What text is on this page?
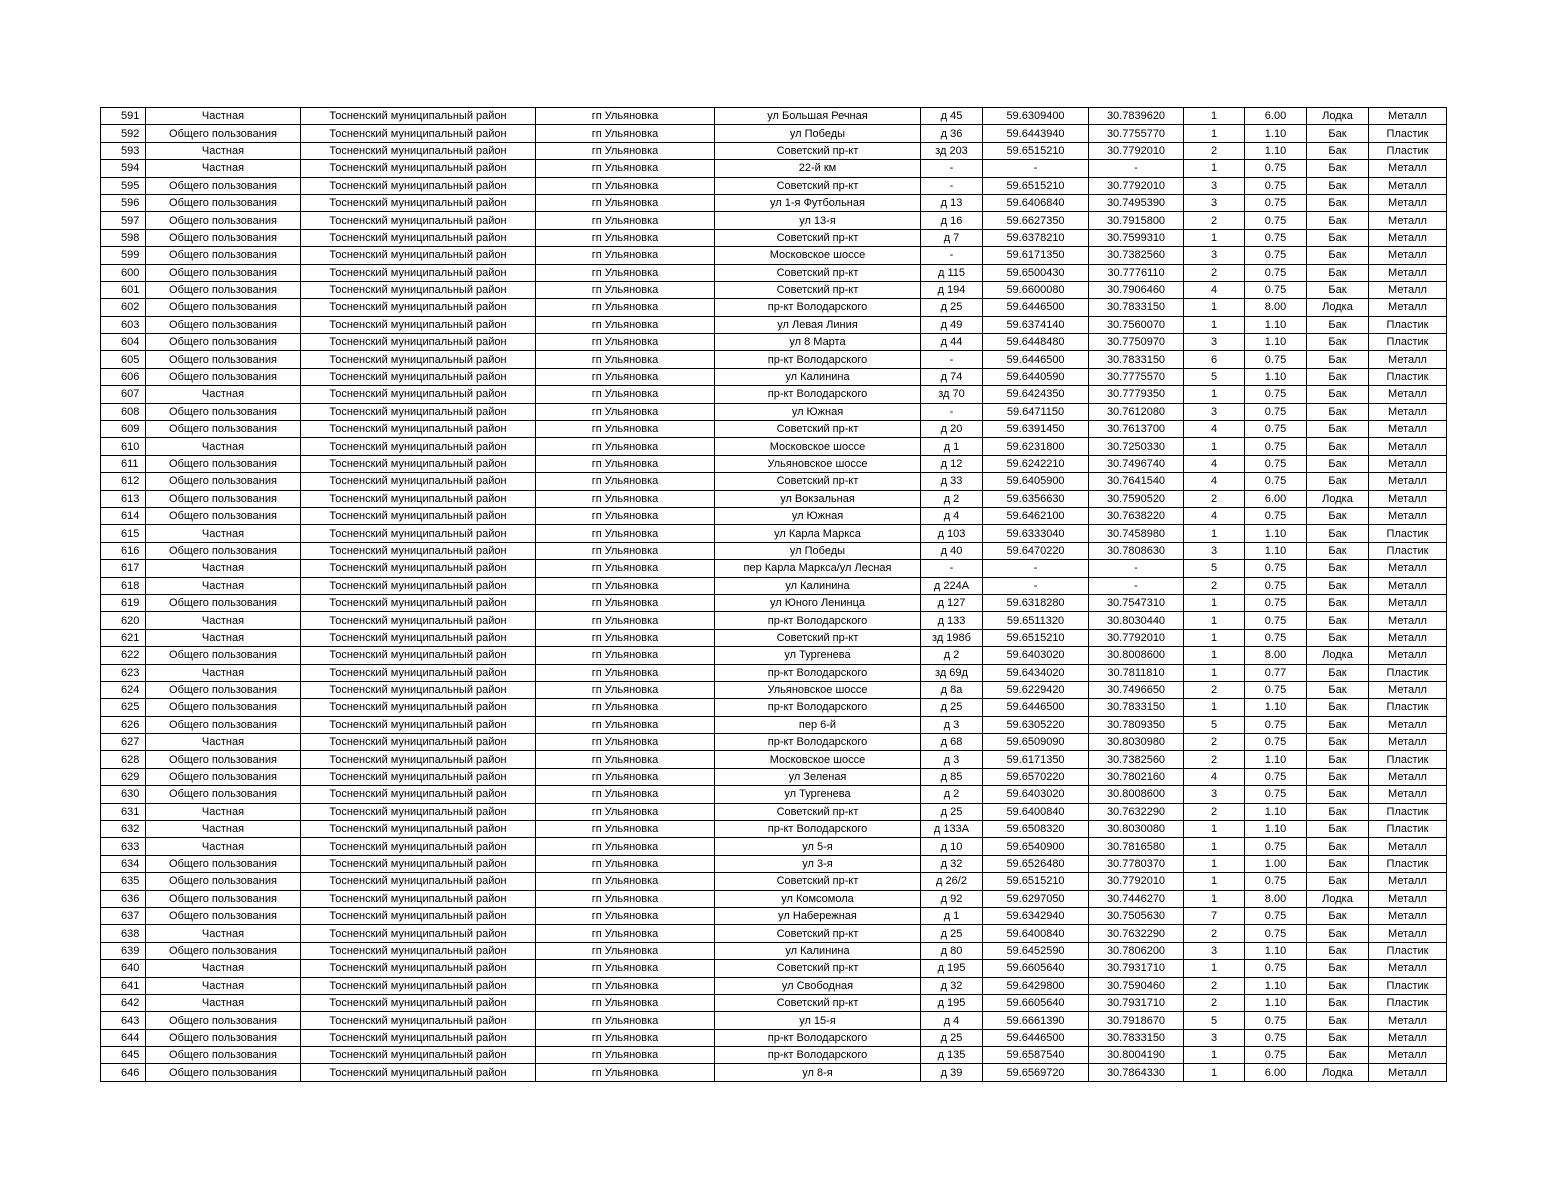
591	Частная	Тосненский муниципальный район	гп Ульяновка	ул Большая Речная	д 45	59.6309400	30.7839620	1	6.00	Лодка	Металл
592	Общего пользования	Тосненский муниципальный район	гп Ульяновка	ул Победы	д 36	59.6443940	30.7755770	1	1.10	Бак	Пластик
593	Частная	Тосненский муниципальный район	гп Ульяновка	Советский пр-кт	зд 203	59.6515210	30.7792010	2	1.10	Бак	Пластик
594	Частная	Тосненский муниципальный район	гп Ульяновка	22-й км	-	-	-	1	0.75	Бак	Металл
595	Общего пользования	Тосненский муниципальный район	гп Ульяновка	Советский пр-кт	-	59.6515210	30.7792010	3	0.75	Бак	Металл
596	Общего пользования	Тосненский муниципальный район	гп Ульяновка	ул 1-я Футбольная	д 13	59.6406840	30.7495390	3	0.75	Бак	Металл
597	Общего пользования	Тосненский муниципальный район	гп Ульяновка	ул 13-я	д 16	59.6627350	30.7915800	2	0.75	Бак	Металл
598	Общего пользования	Тосненский муниципальный район	гп Ульяновка	Советский пр-кт	д 7	59.6378210	30.7599310	1	0.75	Бак	Металл
599	Общего пользования	Тосненский муниципальный район	гп Ульяновка	Московское шоссе	-	59.6171350	30.7382560	3	0.75	Бак	Металл
600	Общего пользования	Тосненский муниципальный район	гп Ульяновка	Советский пр-кт	д 115	59.6500430	30.7776110	2	0.75	Бак	Металл
601	Общего пользования	Тосненский муниципальный район	гп Ульяновка	Советский пр-кт	д 194	59.6600080	30.7906460	4	0.75	Бак	Металл
602	Общего пользования	Тосненский муниципальный район	гп Ульяновка	пр-кт Володарского	д 25	59.6446500	30.7833150	1	8.00	Лодка	Металл
603	Общего пользования	Тосненский муниципальный район	гп Ульяновка	ул Левая Линия	д 49	59.6374140	30.7560070	1	1.10	Бак	Пластик
604	Общего пользования	Тосненский муниципальный район	гп Ульяновка	ул 8 Марта	д 44	59.6448480	30.7750970	3	1.10	Бак	Пластик
605	Общего пользования	Тосненский муниципальный район	гп Ульяновка	пр-кт Володарского	-	59.6446500	30.7833150	6	0.75	Бак	Металл
606	Общего пользования	Тосненский муниципальный район	гп Ульяновка	ул Калинина	д 74	59.6440590	30.7775570	5	1.10	Бак	Пластик
607	Частная	Тосненский муниципальный район	гп Ульяновка	пр-кт Володарского	зд 70	59.6424350	30.7779350	1	0.75	Бак	Металл
608	Общего пользования	Тосненский муниципальный район	гп Ульяновка	ул Южная	-	59.6471150	30.7612080	3	0.75	Бак	Металл
609	Общего пользования	Тосненский муниципальный район	гп Ульяновка	Советский пр-кт	д 20	59.6391450	30.7613700	4	0.75	Бак	Металл
610	Частная	Тосненский муниципальный район	гп Ульяновка	Московское шоссе	д 1	59.6231800	30.7250330	1	0.75	Бак	Металл
611	Общего пользования	Тосненский муниципальный район	гп Ульяновка	Ульяновское шоссе	д 12	59.6242210	30.7496740	4	0.75	Бак	Металл
612	Общего пользования	Тосненский муниципальный район	гп Ульяновка	Советский пр-кт	д 33	59.6405900	30.7641540	4	0.75	Бак	Металл
613	Общего пользования	Тосненский муниципальный район	гп Ульяновка	ул Вокзальная	д 2	59.6356630	30.7590520	2	6.00	Лодка	Металл
614	Общего пользования	Тосненский муниципальный район	гп Ульяновка	ул Южная	д 4	59.6462100	30.7638220	4	0.75	Бак	Металл
615	Частная	Тосненский муниципальный район	гп Ульяновка	ул Карла Маркса	д 103	59.6333040	30.7458980	1	1.10	Бак	Пластик
616	Общего пользования	Тосненский муниципальный район	гп Ульяновка	ул Победы	д 40	59.6470220	30.7808630	3	1.10	Бак	Пластик
617	Частная	Тосненский муниципальный район	гп Ульяновка	пер Карла Маркса/ул Лесная	-	-	-	5	0.75	Бак	Металл
618	Частная	Тосненский муниципальный район	гп Ульяновка	ул Калинина	д 224А	-	-	2	0.75	Бак	Металл
619	Общего пользования	Тосненский муниципальный район	гп Ульяновка	ул Юного Ленинца	д 127	59.6318280	30.7547310	1	0.75	Бак	Металл
620	Частная	Тосненский муниципальный район	гп Ульяновка	пр-кт Володарского	д 133	59.6511320	30.8030440	1	0.75	Бак	Металл
621	Частная	Тосненский муниципальный район	гп Ульяновка	Советский пр-кт	зд 198б	59.6515210	30.7792010	1	0.75	Бак	Металл
622	Общего пользования	Тосненский муниципальный район	гп Ульяновка	ул Тургенева	д 2	59.6403020	30.8008600	1	8.00	Лодка	Металл
623	Частная	Тосненский муниципальный район	гп Ульяновка	пр-кт Володарского	зд 69д	59.6434020	30.7811810	1	0.77	Бак	Пластик
624	Общего пользования	Тосненский муниципальный район	гп Ульяновка	Ульяновское шоссе	д 8а	59.6229420	30.7496650	2	0.75	Бак	Металл
625	Общего пользования	Тосненский муниципальный район	гп Ульяновка	пр-кт Володарского	д 25	59.6446500	30.7833150	1	1.10	Бак	Пластик
626	Общего пользования	Тосненский муниципальный район	гп Ульяновка	пер 6-й	д 3	59.6305220	30.7809350	5	0.75	Бак	Металл
627	Частная	Тосненский муниципальный район	гп Ульяновка	пр-кт Володарского	д 68	59.6509090	30.8030980	2	0.75	Бак	Металл
628	Общего пользования	Тосненский муниципальный район	гп Ульяновка	Московское шоссе	д 3	59.6171350	30.7382560	2	1.10	Бак	Пластик
629	Общего пользования	Тосненский муниципальный район	гп Ульяновка	ул Зеленая	д 85	59.6570220	30.7802160	4	0.75	Бак	Металл
630	Общего пользования	Тосненский муниципальный район	гп Ульяновка	ул Тургенева	д 2	59.6403020	30.8008600	3	0.75	Бак	Металл
631	Частная	Тосненский муниципальный район	гп Ульяновка	Советский пр-кт	д 25	59.6400840	30.7632290	2	1.10	Бак	Пластик
632	Частная	Тосненский муниципальный район	гп Ульяновка	пр-кт Володарского	д 133А	59.6508320	30.8030080	1	1.10	Бак	Пластик
633	Частная	Тосненский муниципальный район	гп Ульяновка	ул 5-я	д 10	59.6540900	30.7816580	1	0.75	Бак	Металл
634	Общего пользования	Тосненский муниципальный район	гп Ульяновка	ул 3-я	д 32	59.6526480	30.7780370	1	1.00	Бак	Пластик
635	Общего пользования	Тосненский муниципальный район	гп Ульяновка	Советский пр-кт	д 26/2	59.6515210	30.7792010	1	0.75	Бак	Металл
636	Общего пользования	Тосненский муниципальный район	гп Ульяновка	ул Комсомола	д 92	59.6297050	30.7446270	1	8.00	Лодка	Металл
637	Общего пользования	Тосненский муниципальный район	гп Ульяновка	ул Набережная	д 1	59.6342940	30.7505630	7	0.75	Бак	Металл
638	Частная	Тосненский муниципальный район	гп Ульяновка	Советский пр-кт	д 25	59.6400840	30.7632290	2	0.75	Бак	Металл
639	Общего пользования	Тосненский муниципальный район	гп Ульяновка	ул Калинина	д 80	59.6452590	30.7806200	3	1.10	Бак	Пластик
640	Частная	Тосненский муниципальный район	гп Ульяновка	Советский пр-кт	д 195	59.6605640	30.7931710	1	0.75	Бак	Металл
641	Частная	Тосненский муниципальный район	гп Ульяновка	ул Свободная	д 32	59.6429800	30.7590460	2	1.10	Бак	Пластик
642	Частная	Тосненский муниципальный район	гп Ульяновка	Советский пр-кт	д 195	59.6605640	30.7931710	2	1.10	Бак	Пластик
643	Общего пользования	Тосненский муниципальный район	гп Ульяновка	ул 15-я	д 4	59.6661390	30.7918670	5	0.75	Бак	Металл
644	Общего пользования	Тосненский муниципальный район	гп Ульяновка	пр-кт Володарского	д 25	59.6446500	30.7833150	3	0.75	Бак	Металл
645	Общего пользования	Тосненский муниципальный район	гп Ульяновка	пр-кт Володарского	д 135	59.6587540	30.8004190	1	0.75	Бак	Металл
646	Общего пользования	Тосненский муниципальный район	гп Ульяновка	ул 8-я	д 39	59.6569720	30.7864330	1	6.00	Лодка	Металл
